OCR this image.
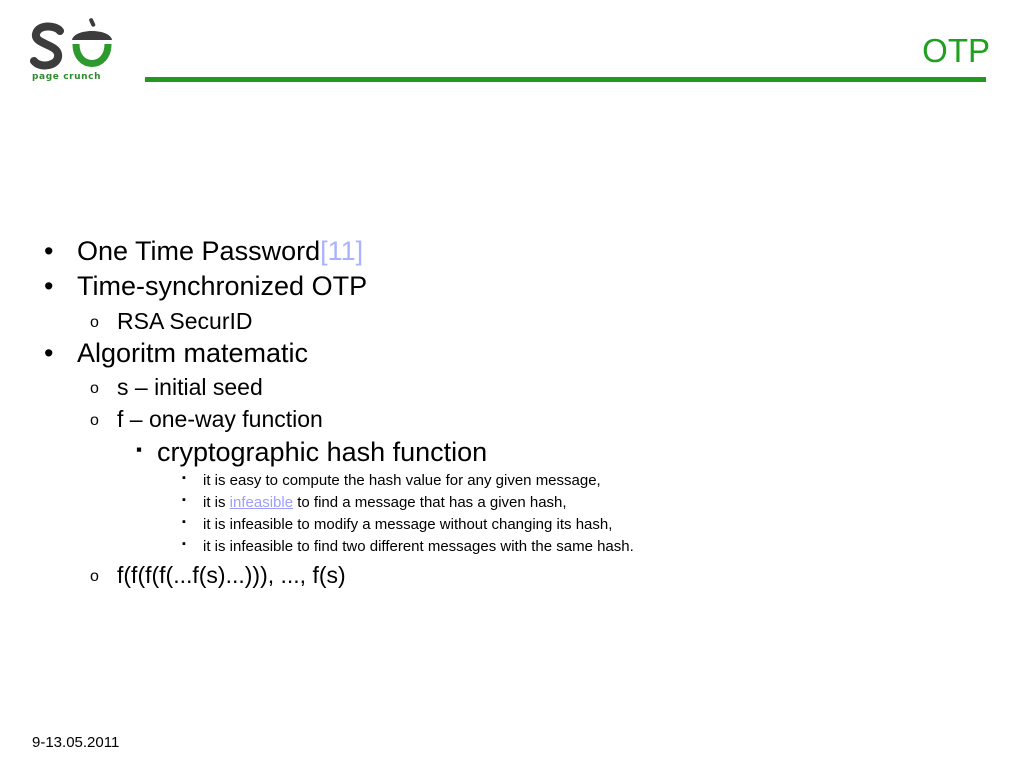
page crunch
OTP
• One Time Password[11]
• Time-synchronized OTP
o RSA SecurID
• Algoritm matematic
o s – initial seed
o f – one-way function
▪ cryptographic hash function
▪ it is easy to compute the hash value for any given message,
▪ it is infeasible to find a message that has a given hash,
▪ it is infeasible to modify a message without changing its hash,
▪ it is infeasible to find two different messages with the same hash.
o f(f(f(f(...f(s)...))), ..., f(s)
9-13.05.2011
